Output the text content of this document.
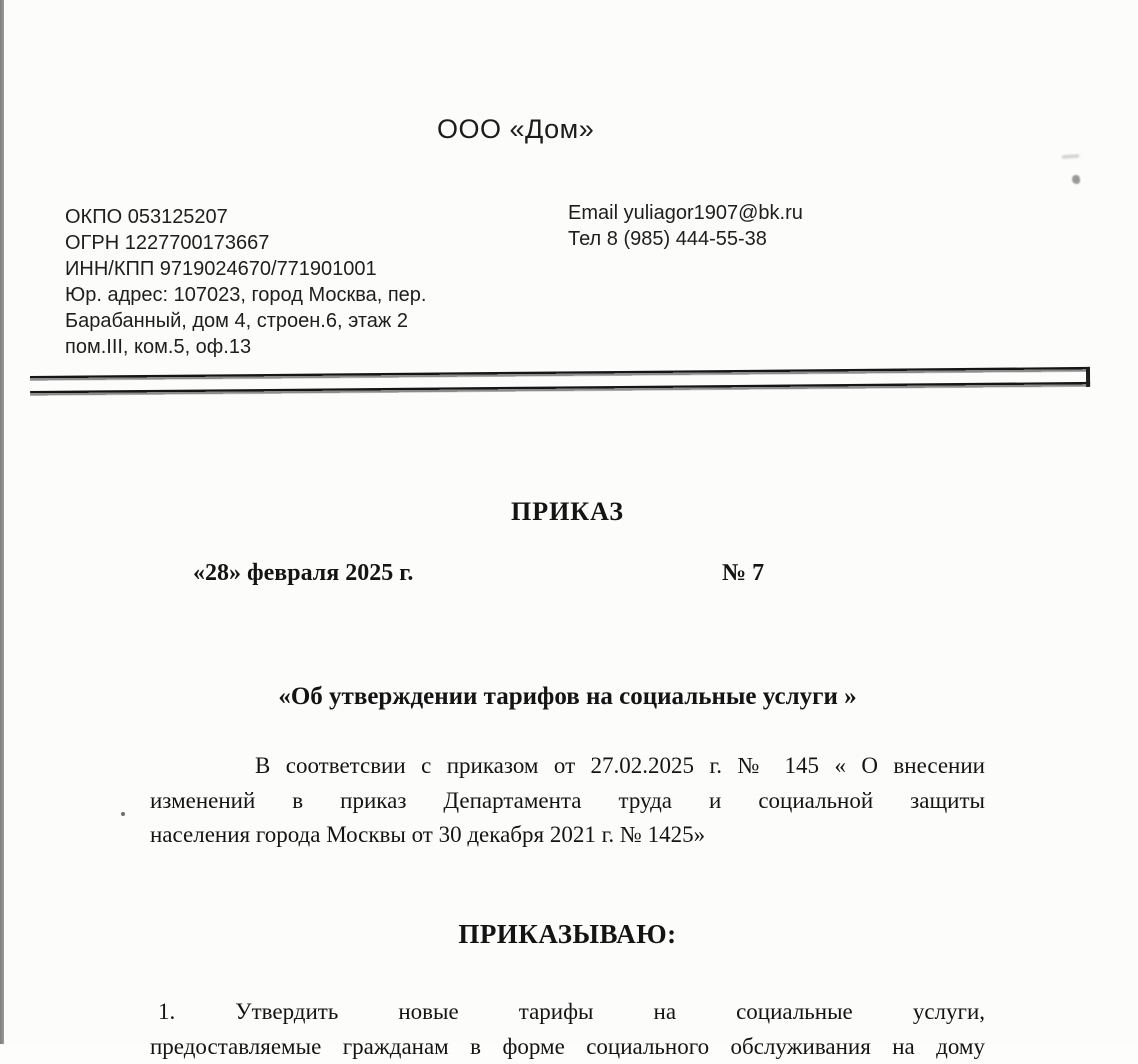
ООО «Дом»
ОКПО 053125207
ОГРН 1227700173667
ИНН/КПП 9719024670/771901001
Юр. адрес: 107023, город Москва, пер.
Барабанный, дом 4, строен.6, этаж 2
пом.III, ком.5, оф.13
Email yuliagor1907@bk.ru
Тел 8 (985) 444-55-38
ПРИКАЗ
«28» февраля 2025 г.	№ 7
«Об утверждении тарифов на социальные услуги »
В соответсвии с приказом от 27.02.2025 г. № 145 « О внесении
изменений в приказ Департамента труда и социальной защиты
населения города Москвы от 30 декабря 2021 г. № 1425»
ПРИКАЗЫВАЮ:
1. Утвердить новые тарифы на социальные услуги,
предоставляемые гражданам в форме социального обслуживания на дому
